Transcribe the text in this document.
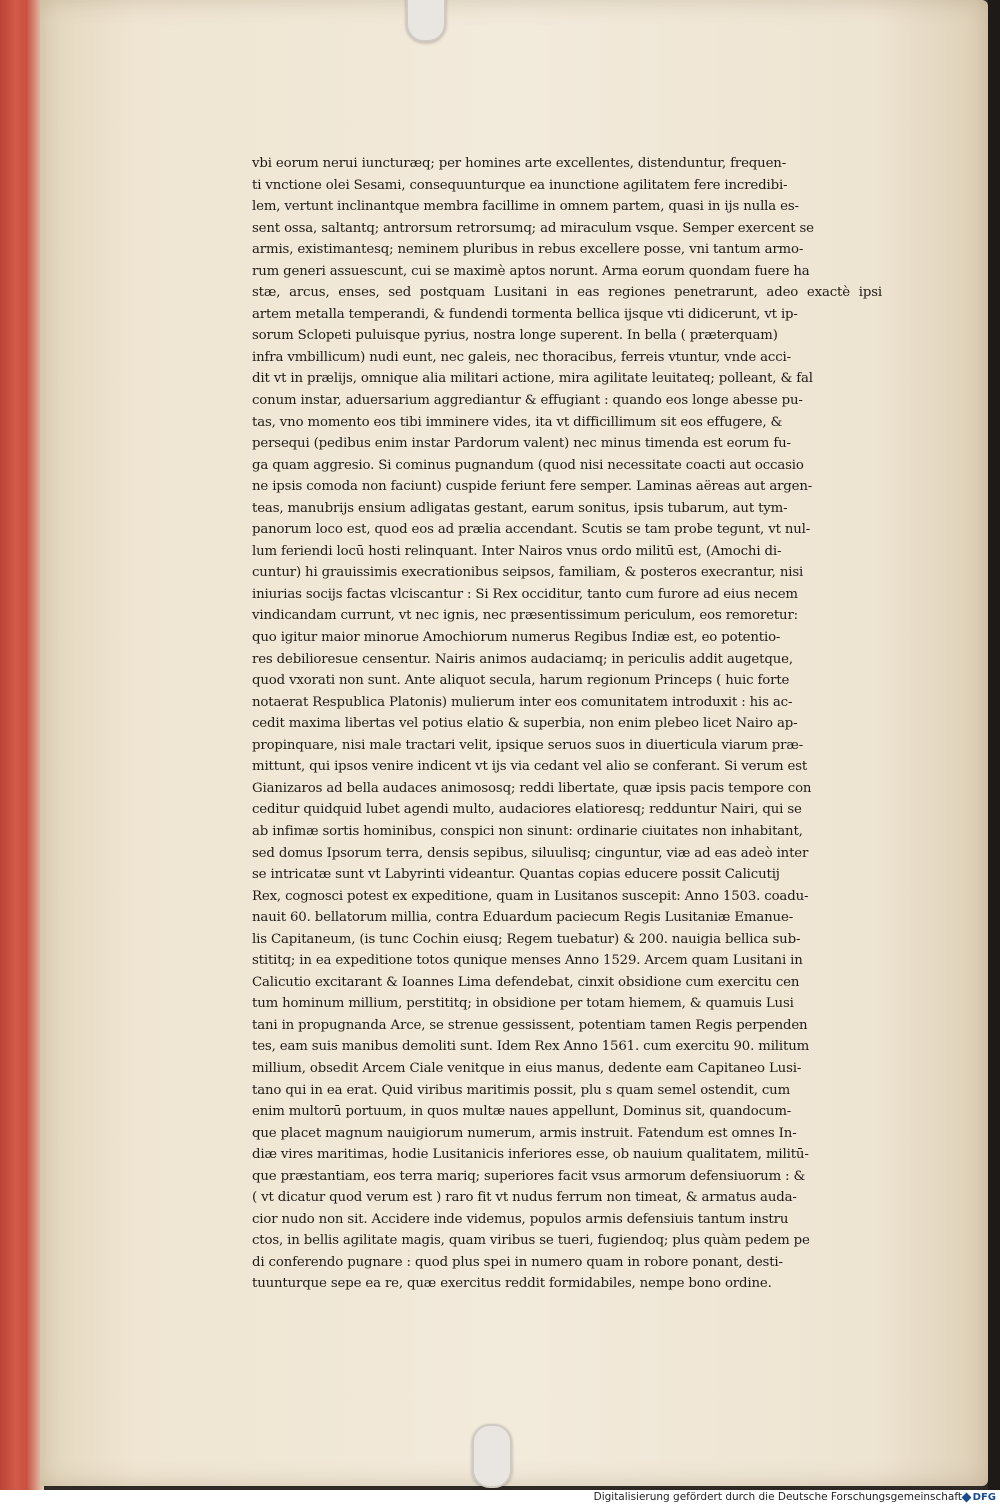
vbi eorum nerui iuncturæq; per homines arte excellentes, distenduntur, frequen-
ti vnctione olei Sesami, consequunturque ea inunctione agilitatem fere incredibi-
lem, vertunt inclinantque membra facillime in omnem partem, quasi in ijs nulla es-
sent ossa, saltantq; antrorsum retrorsumq; ad miraculum vsque. Semper exercent se
armis, existimantesq; neminem pluribus in rebus excellere posse, vni tantum armo-
rum generi assuescunt, cui se maximè aptos norunt. Arma eorum quondam fuere ha
stæ, arcus, enses, sed postquam Lusitani in eas regiones penetrarunt, adeo exactè ipsi
artem metalla temperandi, & fundendi tormenta bellica ijsque vti didicerunt, vt ip-
sorum Sclopeti puluisque pyrius, nostra longe superent. In bella ( præterquam)
infra vmbillicum) nudi eunt, nec galeis, nec thoracibus, ferreis vtuntur, vnde acci-
dit vt in prælijs, omnique alia militari actione, mira agilitate leuitateq; polleant, & fal
conum instar, aduersarium aggrediantur & effugiant : quando eos longe abesse pu-
tas, vno momento eos tibi imminere vides, ita vt difficillimum sit eos effugere, &
persequi (pedibus enim instar Pardorum valent) nec minus timenda est eorum fu-
ga quam aggresio. Si cominus pugnandum (quod nisi necessitate coacti aut occasio
ne ipsis comoda non faciunt) cuspide feriunt fere semper. Laminas aëreas aut argen-
teas, manubrijs ensium adligatas gestant, earum sonitus, ipsis tubarum, aut tym-
panorum loco est, quod eos ad prælia accendant. Scutis se tam probe tegunt, vt nul-
lum feriendi locū hosti relinquant. Inter Nairos vnus ordo militū est, (Amochi di-
cuntur) hi grauissimis execrationibus seipsos, familiam, & posteros execrantur, nisi
iniurias socijs factas vlciscantur : Si Rex occiditur, tanto cum furore ad eius necem
vindicandam currunt, vt nec ignis, nec præsentissimum periculum, eos remoretur:
quo igitur maior minorue Amochiorum numerus Regibus Indiæ est, eo potentio-
res debilioresue censentur. Nairis animos audaciamq; in periculis addit augetque,
quod vxorati non sunt. Ante aliquot secula, harum regionum Princeps ( huic forte
notaerat Respublica Platonis) mulierum inter eos comunitatem introduxit : his ac-
cedit maxima libertas vel potius elatio & superbia, non enim plebeo licet Nairo ap-
propinquare, nisi male tractari velit, ipsique seruos suos in diuerticula viarum præ-
mittunt, qui ipsos venire indicent vt ijs via cedant vel alio se conferant. Si verum est
Gianizaros ad bella audaces animososq; reddi libertate, quæ ipsis pacis tempore con
ceditur quidquid lubet agendi multo, audaciores elatioresq; redduntur Nairi, qui se
ab infimæ sortis hominibus, conspici non sinunt: ordinarie ciuitates non inhabitant,
sed domus Ipsorum terra, densis sepibus, siluulisq; cinguntur, viæ ad eas adeò inter
se intricatæ sunt vt Labyrinti videantur. Quantas copias educere possit Calicutij
Rex, cognosci potest ex expeditione, quam in Lusitanos suscepit: Anno 1503. coadu-
nauit 60. bellatorum millia, contra Eduardum paciecum Regis Lusitaniæ Emanue-
lis Capitaneum, (is tunc Cochin eiusq; Regem tuebatur) & 200. nauigia bellica sub-
stititq; in ea expeditione totos qunique menses Anno 1529. Arcem quam Lusitani in
Calicutio excitarant & Ioannes Lima defendebat, cinxit obsidione cum exercitu cen
tum hominum millium, perstititq; in obsidione per totam hiemem, & quamuis Lusi
tani in propugnanda Arce, se strenue gessissent, potentiam tamen Regis perpenden
tes, eam suis manibus demoliti sunt. Idem Rex Anno 1561. cum exercitu 90. militum
millium, obsedit Arcem Ciale venitque in eius manus, dedente eam Capitaneo Lusi-
tano qui in ea erat. Quid viribus maritimis possit, plu s quam semel ostendit, cum
enim multorū portuum, in quos multæ naues appellunt, Dominus sit, quandocum-
que placet magnum nauigiorum numerum, armis instruit. Fatendum est omnes In-
diæ vires maritimas, hodie Lusitanicis inferiores esse, ob nauium qualitatem, militū-
que præstantiam, eos terra mariq; superiores facit vsus armorum defensiuorum : &
( vt dicatur quod verum est ) raro fit vt nudus ferrum non timeat, & armatus auda-
cior nudo non sit. Accidere inde videmus, populos armis defensiuis tantum instru
ctos, in bellis agilitate magis, quam viribus se tueri, fugiendoq; plus quàm pedem pe
di conferendo pugnare : quod plus spei in numero quam in robore ponant, desti-
tuunturque sepe ea re, quæ exercitus reddit formidabiles, nempe bono ordine.
Digitalisierung gefördert durch die Deutsche Forschungsgemeinschaft DFG
